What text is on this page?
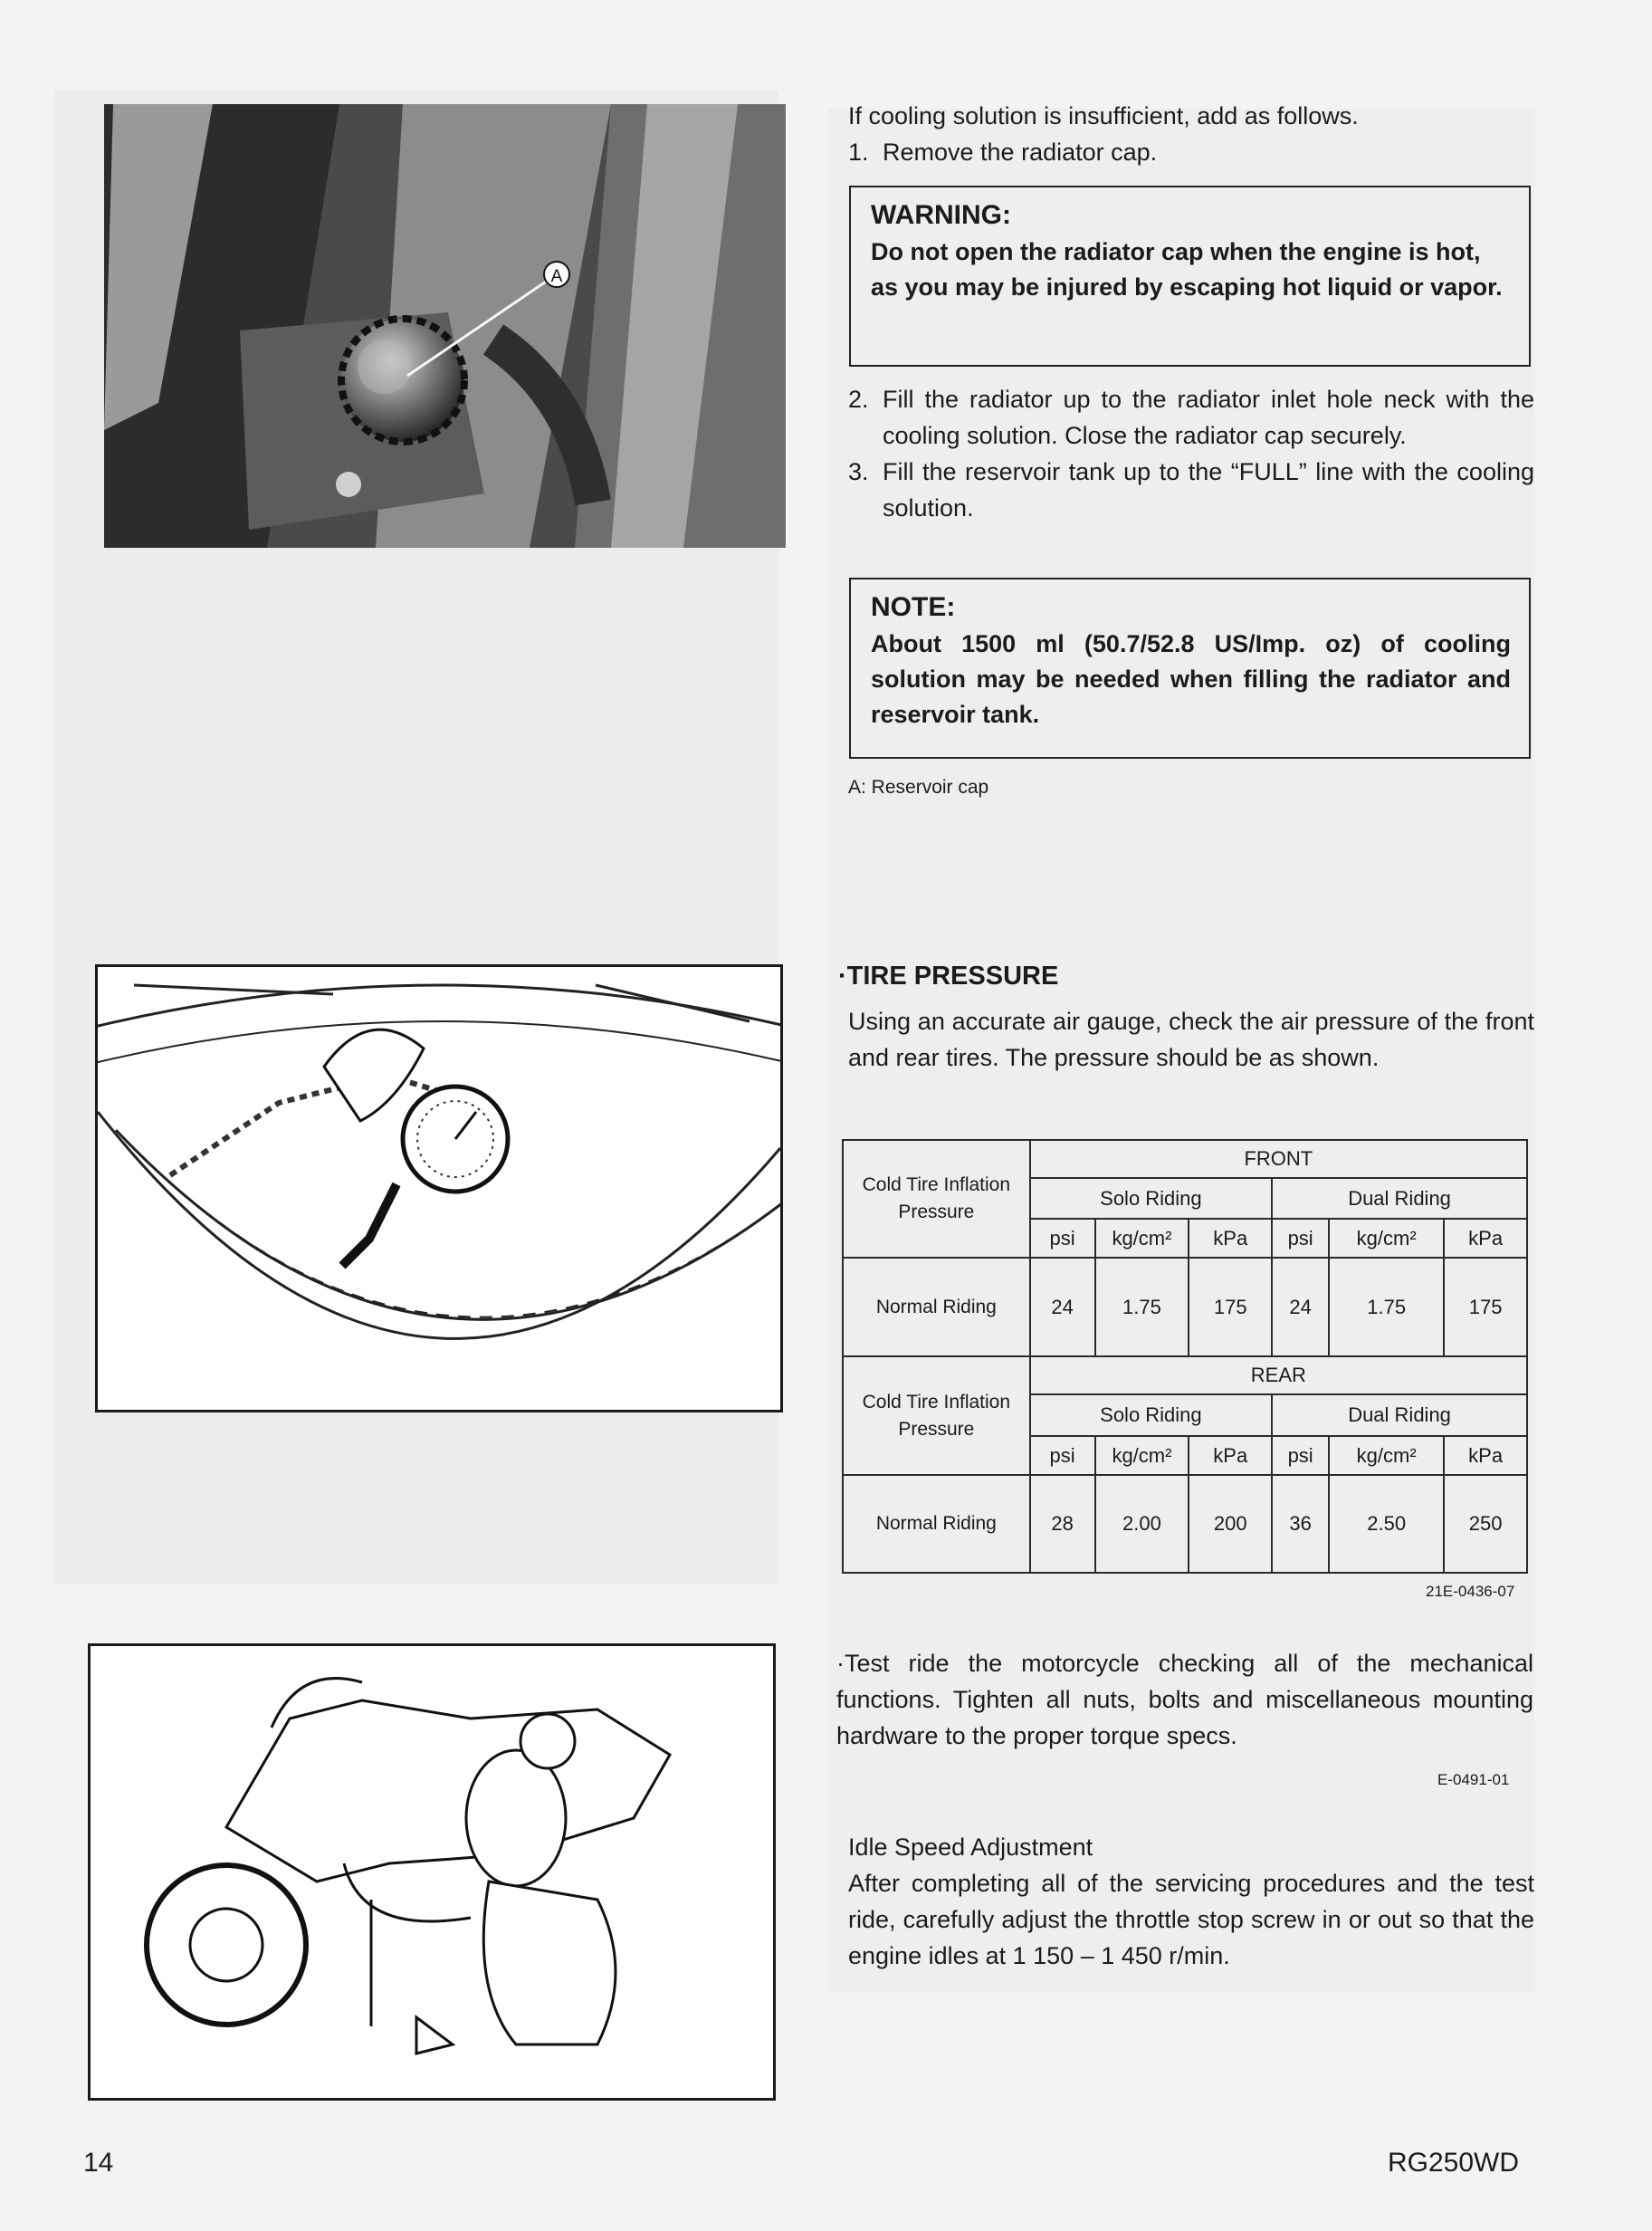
A

If cooling solution is insufficient, add as follows.

1. Remove the radiator cap.
WARNING:
Do not open the radiator cap when the engine is hot, as you may be injured by escaping hot liquid or vapor.
2. Fill the radiator up to the radiator inlet hole neck with the cooling solution. Close the radiator cap securely.
3. Fill the reservoir tank up to the “FULL” line with the cooling solution.
NOTE:
About 1500 ml (50.7/52.8 US/Imp. oz) of cooling solution may be needed when filling the radiator and reservoir tank.
A: Reservoir cap
·TIRE PRESSURE

Using an accurate air gauge, check the air pressure of the front and rear tires. The pressure should be as shown.

Cold Tire Inflation Pressure	FRONT					
	Solo Riding			Dual Riding		
	psi	kg/cm²	kPa	psi	kg/cm²	kPa
Normal Riding	24	1.75	175	24	1.75	175
Cold Tire Inflation Pressure	REAR					
	Solo Riding			Dual Riding		
	psi	kg/cm²	kPa	psi	kg/cm²	kPa
Normal Riding	28	2.00	200	36	2.50	250
21E-0436-07

·Test ride the motorcycle checking all of the mechanical functions. Tighten all nuts, bolts and miscellaneous mounting hardware to the proper torque specs.

E-0491-01

Idle Speed Adjustment

After completing all of the servicing procedures and the test ride, carefully adjust the throttle stop screw in or out so that the engine idles at 1 150 – 1 450 r/min.

14	RG250WD
